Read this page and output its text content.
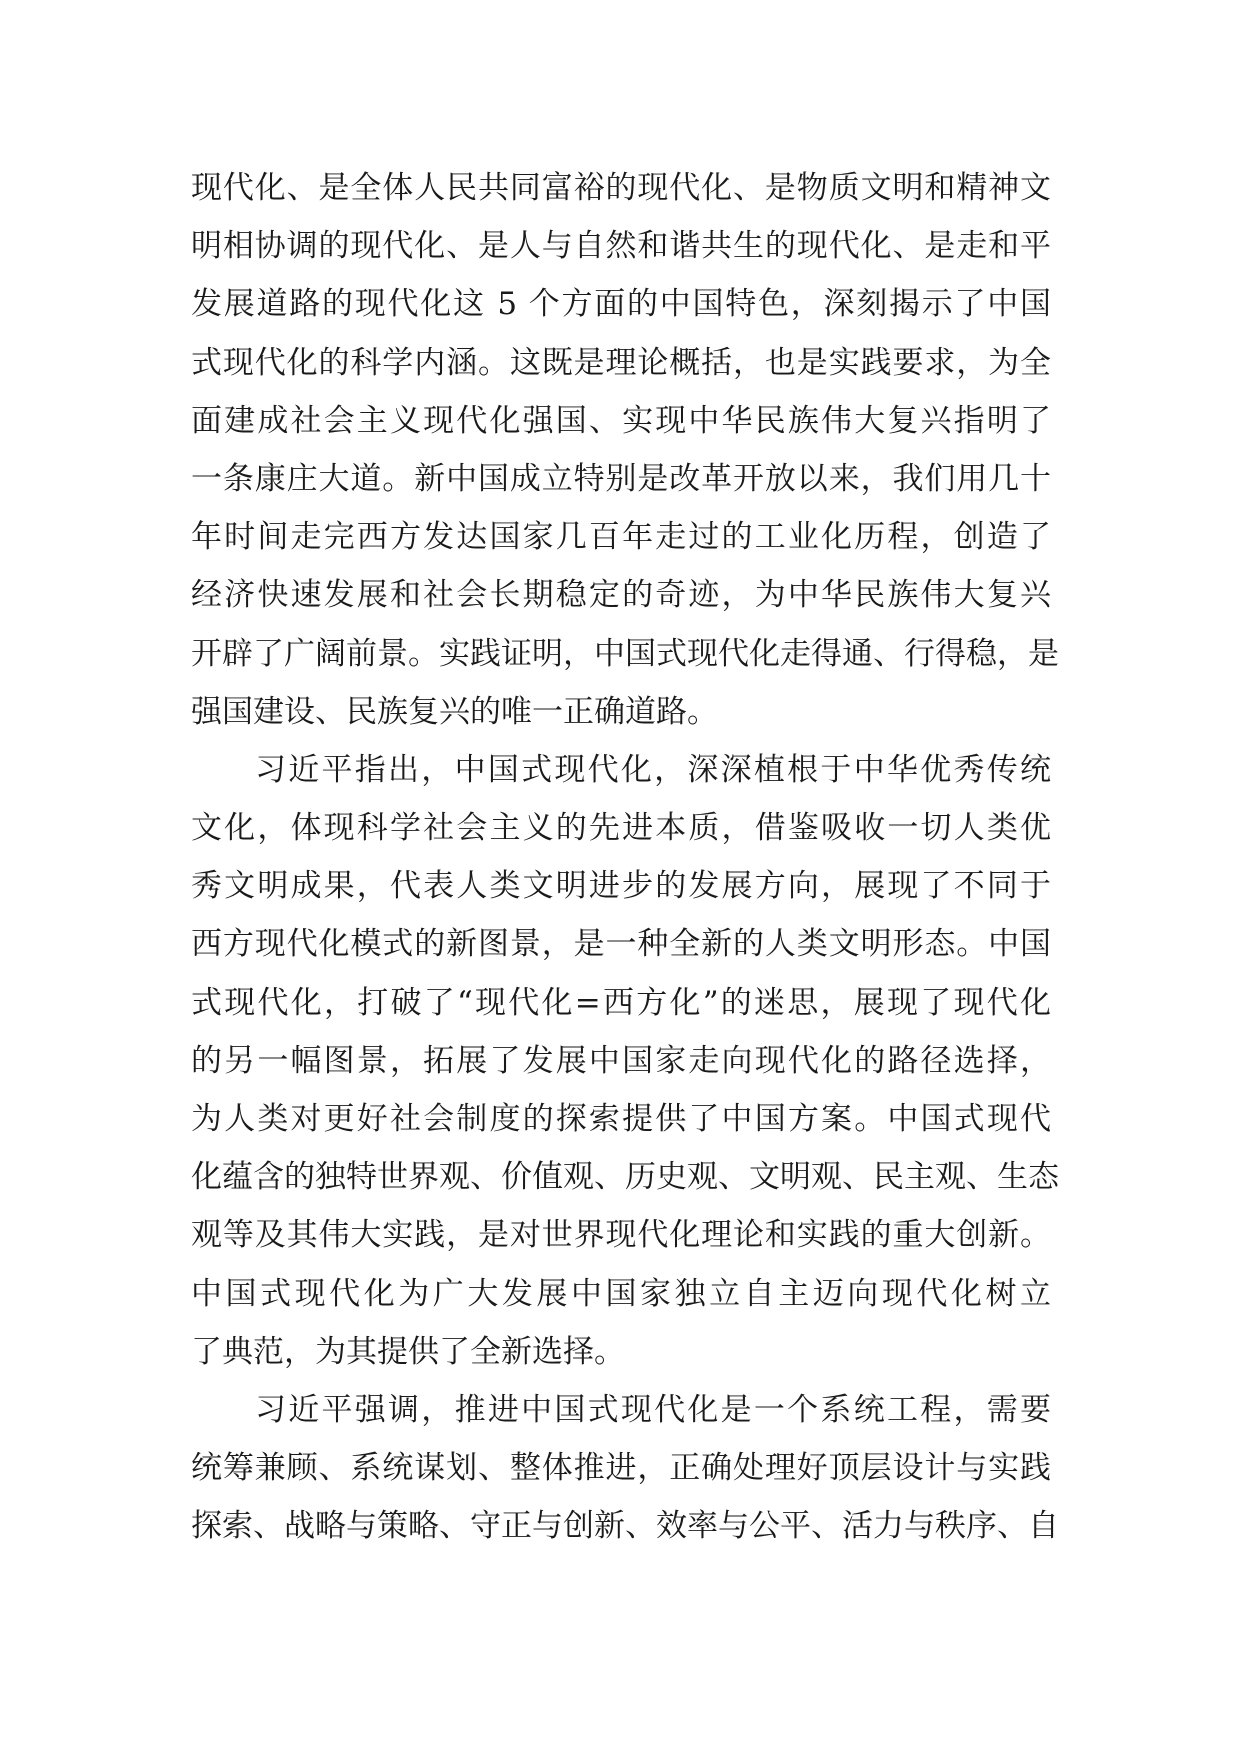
现代化、是全体人民共同富裕的现代化、是物质文明和精神文
明相协调的现代化、是人与自然和谐共生的现代化、是走和平
发展道路的现代化这 5 个方面的中国特色，深刻揭示了中国
式现代化的科学内涵。这既是理论概括，也是实践要求，为全
面建成社会主义现代化强国、实现中华民族伟大复兴指明了
一条康庄大道。新中国成立特别是改革开放以来，我们用几十
年时间走完西方发达国家几百年走过的工业化历程，创造了
经济快速发展和社会长期稳定的奇迹，为中华民族伟大复兴
开辟了广阔前景。实践证明，中国式现代化走得通、行得稳，是
强国建设、民族复兴的唯一正确道路。
习近平指出，中国式现代化，深深植根于中华优秀传统
文化，体现科学社会主义的先进本质，借鉴吸收一切人类优
秀文明成果，代表人类文明进步的发展方向，展现了不同于
西方现代化模式的新图景，是一种全新的人类文明形态。中国
式现代化，打破了“现代化=西方化”的迷思，展现了现代化
的另一幅图景，拓展了发展中国家走向现代化的路径选择，
为人类对更好社会制度的探索提供了中国方案。中国式现代
化蕴含的独特世界观、价值观、历史观、文明观、民主观、生态
观等及其伟大实践，是对世界现代化理论和实践的重大创新。
中国式现代化为广大发展中国家独立自主迈向现代化树立
了典范，为其提供了全新选择。
习近平强调，推进中国式现代化是一个系统工程，需要
统筹兼顾、系统谋划、整体推进，正确处理好顶层设计与实践
探索、战略与策略、守正与创新、效率与公平、活力与秩序、自
